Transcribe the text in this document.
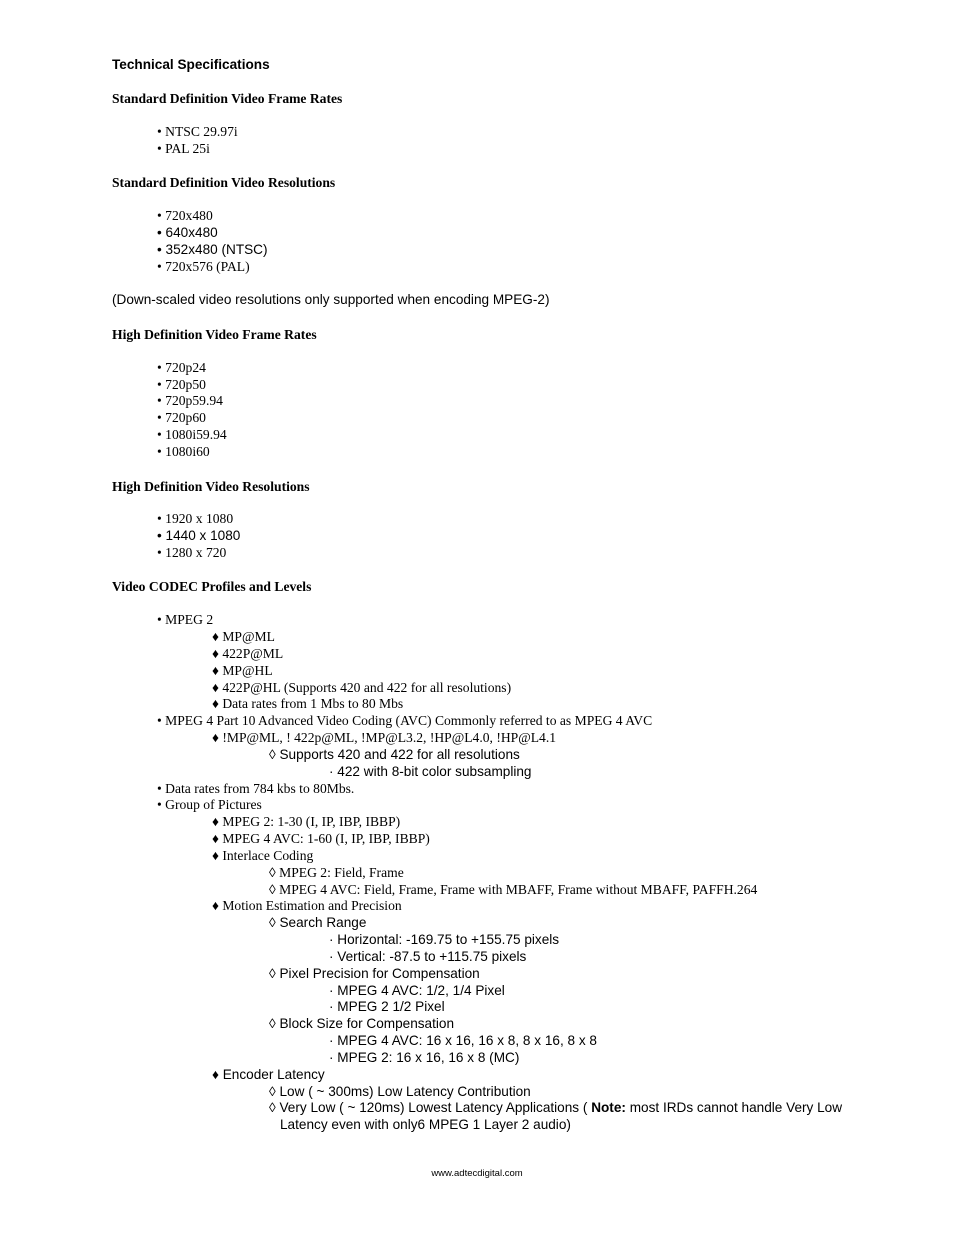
Technical Specifications
Standard Definition Video Frame Rates
• NTSC 29.97i
• PAL 25i
Standard Definition Video Resolutions
• 720x480
• 640x480
• 352x480 (NTSC)
• 720x576 (PAL)
(Down-scaled video resolutions only supported when encoding MPEG-2)
High Definition Video Frame Rates
• 720p24
• 720p50
• 720p59.94
• 720p60
• 1080i59.94
• 1080i60
High Definition Video Resolutions
• 1920 x 1080
• 1440 x 1080
• 1280 x 720
Video CODEC Profiles and Levels
• MPEG 2
♦ MP@ML
♦ 422P@ML
♦ MP@HL
♦ 422P@HL (Supports 420 and 422 for all resolutions)
♦ Data rates from 1 Mbs to 80 Mbs
• MPEG 4 Part 10 Advanced Video Coding (AVC) Commonly referred to as MPEG 4 AVC
♦ !MP@ML, ! 422p@ML, !MP@L3.2, !HP@L4.0, !HP@L4.1
◊ Supports 420 and 422 for all resolutions
· 422 with 8-bit color subsampling
• Data rates from 784 kbs to 80Mbs.
• Group of Pictures
♦ MPEG 2: 1-30 (I, IP, IBP, IBBP)
♦ MPEG 4 AVC: 1-60 (I, IP, IBP, IBBP)
♦ Interlace Coding
◊ MPEG 2: Field, Frame
◊ MPEG 4 AVC: Field, Frame, Frame with MBAFF, Frame without MBAFF, PAFFH.264
♦ Motion Estimation and Precision
◊ Search Range
· Horizontal: -169.75 to +155.75 pixels
· Vertical: -87.5 to +115.75 pixels
◊ Pixel Precision for Compensation
· MPEG 4 AVC: 1/2, 1/4 Pixel
· MPEG 2 1/2 Pixel
◊ Block Size for Compensation
· MPEG 4 AVC: 16 x 16, 16 x 8, 8 x 16, 8 x 8
· MPEG 2: 16 x 16, 16 x 8 (MC)
♦ Encoder Latency
◊ Low ( ~ 300ms) Low Latency Contribution
◊ Very Low ( ~ 120ms) Lowest Latency Applications ( Note: most IRDs cannot handle Very Low
Latency even with only6 MPEG 1 Layer 2 audio)
www.adtecdigital.com
